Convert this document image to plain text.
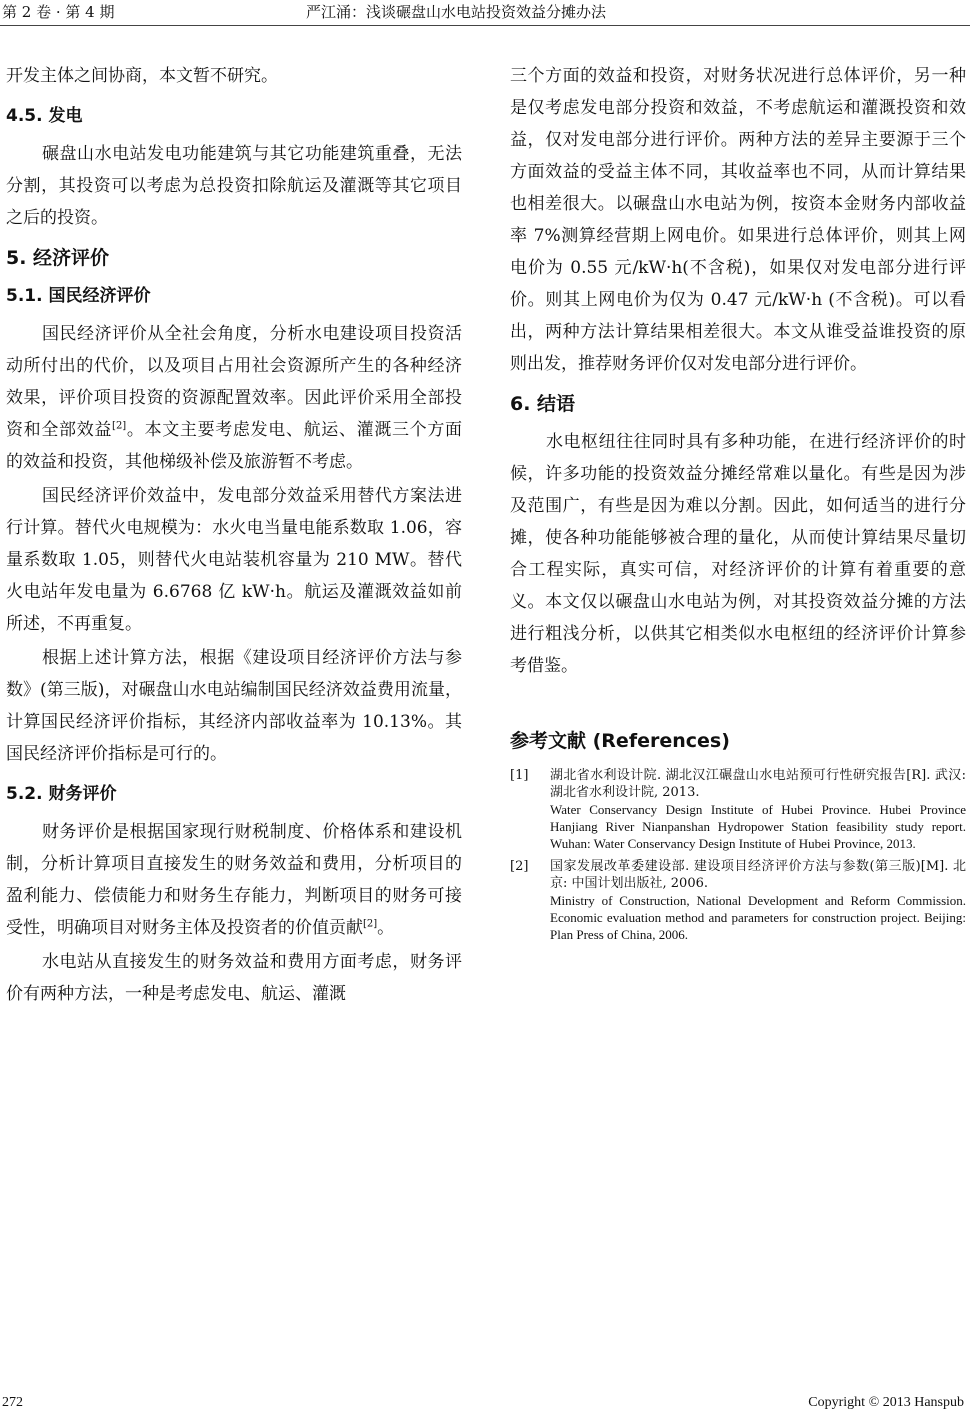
第 2 卷 · 第 4 期	严江涌：浅谈碾盘山水电站投资效益分摊办法

开发主体之间协商，本文暂不研究。

4.5. 发电

碾盘山水电站发电功能建筑与其它功能建筑重叠，无法分割，其投资可以考虑为总投资扣除航运及灌溉等其它项目之后的投资。

5. 经济评价
5.1. 国民经济评价

国民经济评价从全社会角度，分析水电建设项目投资活动所付出的代价，以及项目占用社会资源所产生的各种经济效果，评价项目投资的资源配置效率。因此评价采用全部投资和全部效益[2]。本文主要考虑发电、航运、灌溉三个方面的效益和投资，其他梯级补偿及旅游暂不考虑。

国民经济评价效益中，发电部分效益采用替代方案法进行计算。替代火电规模为：水火电当量电能系数取 1.06，容量系数取 1.05，则替代火电站装机容量为 210 MW。替代火电站年发电量为 6.6768 亿 kW·h。航运及灌溉效益如前所述，不再重复。

根据上述计算方法，根据《建设项目经济评价方法与参数》(第三版)，对碾盘山水电站编制国民经济效益费用流量，计算国民经济评价指标，其经济内部收益率为 10.13%。其国民经济评价指标是可行的。

5.2. 财务评价

财务评价是根据国家现行财税制度、价格体系和建设机制，分析计算项目直接发生的财务效益和费用，分析项目的盈利能力、偿债能力和财务生存能力，判断项目的财务可接受性，明确项目对财务主体及投资者的价值贡献[2]。

水电站从直接发生的财务效益和费用方面考虑，财务评价有两种方法，一种是考虑发电、航运、灌溉

三个方面的效益和投资，对财务状况进行总体评价，另一种是仅考虑发电部分投资和效益，不考虑航运和灌溉投资和效益，仅对发电部分进行评价。两种方法的差异主要源于三个方面效益的受益主体不同，其收益率也不同，从而计算结果也相差很大。以碾盘山水电站为例，按资本金财务内部收益率 7%测算经营期上网电价。如果进行总体评价，则其上网电价为 0.55 元/kW·h(不含税)，如果仅对发电部分进行评价。则其上网电价为仅为 0.47 元/kW·h (不含税)。可以看出，两种方法计算结果相差很大。本文从谁受益谁投资的原则出发，推荐财务评价仅对发电部分进行评价。

6. 结语

水电枢纽往往同时具有多种功能，在进行经济评价的时候，许多功能的投资效益分摊经常难以量化。有些是因为涉及范围广，有些是因为难以分割。因此，如何适当的进行分摊，使各种功能能够被合理的量化，从而使计算结果尽量切合工程实际，真实可信，对经济评价的计算有着重要的意义。本文仅以碾盘山水电站为例，对其投资效益分摊的方法进行粗浅分析，以供其它相类似水电枢纽的经济评价计算参考借鉴。

参考文献 (References)
[1]	湖北省水利设计院. 湖北汉江碾盘山水电站预可行性研究报告[R]. 武汉: 湖北省水利设计院, 2013.
Water Conservancy Design Institute of Hubei Province. Hubei Province Hanjiang River Nianpanshan Hydropower Station feasibility study report. Wuhan: Water Conservancy Design Institute of Hubei Province, 2013.
[2]	国家发展改革委建设部. 建设项目经济评价方法与参数(第三版)[M]. 北京: 中国计划出版社, 2006.
Ministry of Construction, National Development and Reform Commission. Economic evaluation method and parameters for construction project. Beijing: Plan Press of China, 2006.
272	Copyright © 2013 Hanspub
